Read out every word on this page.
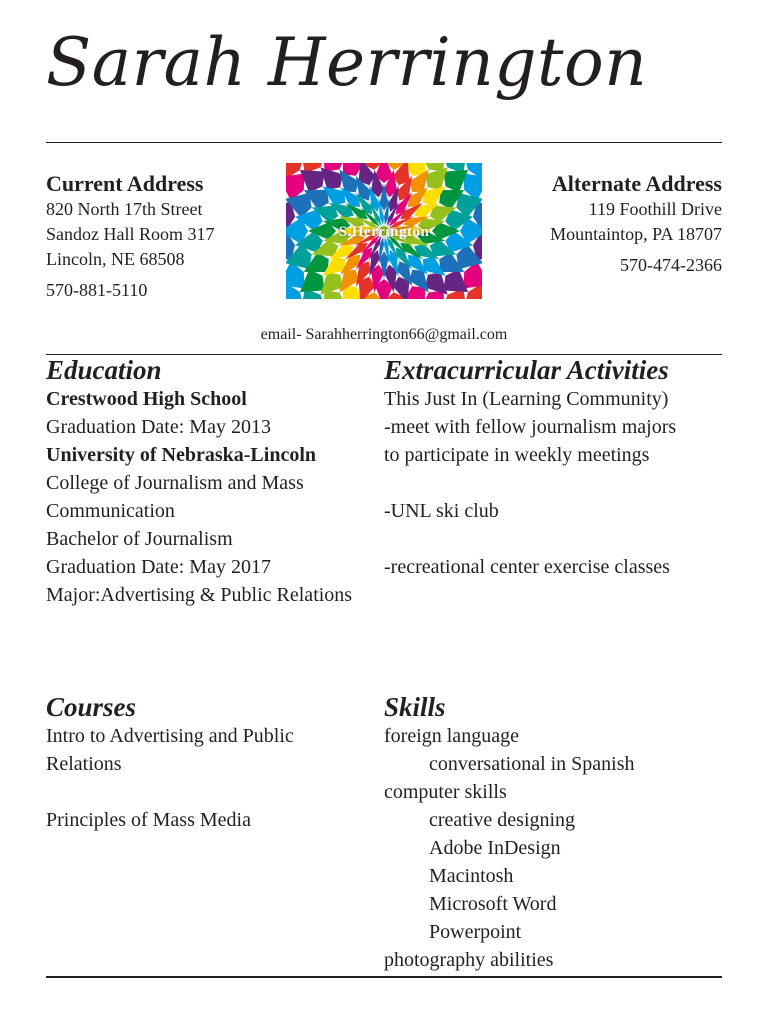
Sarah Herrington
Current Address
820 North 17th Street
Sandoz Hall Room 317
Lincoln, NE 68508
570-881-5110
S.Herrington
Alternate Address
119 Foothill Drive
Mountaintop, PA 18707
570-474-2366
email- Sarahherrington66@gmail.com
Education
Crestwood High School
Graduation Date: May 2013
University of Nebraska-Lincoln
College of Journalism and Mass
Communication
Bachelor of Journalism
Graduation Date: May 2017
Major:Advertising & Public Relations
Extracurricular Activities
This Just In (Learning Community)
-meet with fellow journalism majors
to participate in weekly meetings
-UNL ski club
-recreational center exercise classes
Courses
Intro to Advertising and Public
Relations
Principles of Mass Media
Skills
foreign language
conversational in Spanish
computer skills
creative designing
Adobe InDesign
Macintosh
Microsoft Word
Powerpoint
photography abilities
